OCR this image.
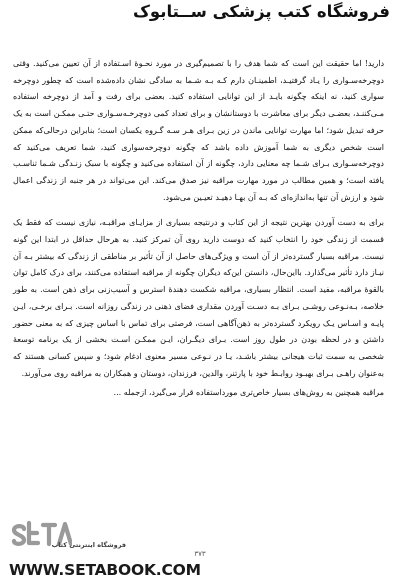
فروشگاه کتب پزشکی ســتابوک

دارید! اما حقیقت این است که شما هدف را با تصمیم‌گیری در مورد نحـوهٔ اسـتفاده از آن تعیین می‌کنید. وقتی دوچرخه‌سـواری را یـاد گرفتیـد، اطمینـان دارم کـه بـه شـما به سادگی نشان داده‌شده است که چطور دوچرخه سواری کنید، نه اینکه چگونه بایـد از این توانایی استفاده کنید. بعضی برای رفت و آمد از دوچرخه استفاده مـی‌کننـد، بعضـی دیگر برای معاشرت با دوستانشان و برای تعداد کمی دوچرخـه‌سـواری حتـی ممکـن است به یک حرفه تبدیل شود؛ اما مهارت توانایی ماندن در زین بـرای هـر سـه گـروه یکسان است؛ بنابراین درحالی‌که ممکن است شخص دیگری به شما آموزش داده باشد که چگونه دوچرخه‌سواری کنید، شما تعریف می‌کنید که دوچرخه‌سـواری بـرای شـما چه معنایی دارد، چگونه از آن استفاده می‌کنید و چگونه با سبک زنـدگی شـما تناسـب یافته است؛ و همین مطالب در مورد مهارت مراقبه نیز صدق می‌کند. این می‌تواند در هر جنبه از زندگی اعمال شود و ارزش آن تنها به‌اندازه‌ای که بـه آن بهـا دهیـد تعیـین می‌شود.

برای به دست آوردن بهترین نتیجه از این کتاب و درنتیجه بسیاری از مزایـای مراقبـه، نیازی نیست که فقط یک قسمت از زندگی خود را انتخاب کنید که دوست دارید روی آن تمرکز کنید. به هرحال حداقل در ابتدا این گونه نیست. مراقبه بسیار گسترده‌تر از آن است و ویژگی‌های حاصل از آن تأثیر بر مناطقی از زندگی که بیشتر بـه آن نیـاز دارد تأثیر می‌گذارد. بااین‌حال، دانستن این‌که دیگران چگونه از مراقبه استفاده می‌کنند، برای درک کامل توان بالقوهٔ مراقبه، مفید است. انتظار بسیاری، مراقبه شکست دهندهٔ استرس و آسیب‌زنی برای ذهن است. به طور خلاصه، بـه‌نـوعی روشـی بـرای بـه دسـت آوردن مقداری فضای ذهنی در زندگی روزانه است. بـرای برخـی، ایـن پایـه و اسـاس یـک رویکرد گسترده‌تر به ذهن‌آگاهی است، فرصتی برای تماس با اساس چیزی که به معنی حضور داشتن و در لحظه بودن در طول روز است. بـرای دیگـران، ایـن ممکـن اسـت بخشی از یک برنامه توسعهٔ شخصی به سمت ثبات هیجانی بیشتر باشـد، یـا در نـوعی مسیر معنوی ادغام شود؛ و سپس کسانی هستند که به‌عنوان راهـی بـرای بهبـود روابـط خود با پارتنر، والدین، فرزندان، دوستان و همکاران به مراقبه روی می‌آورند.

مراقبه همچنین به روش‌های بسیار خاص‌تری مورداستفاده قرار می‌گیرد، ازجمله ...

۳۷۳
فروشگاه اینترنتی کتاب
WWW.SETABOOK.COM
